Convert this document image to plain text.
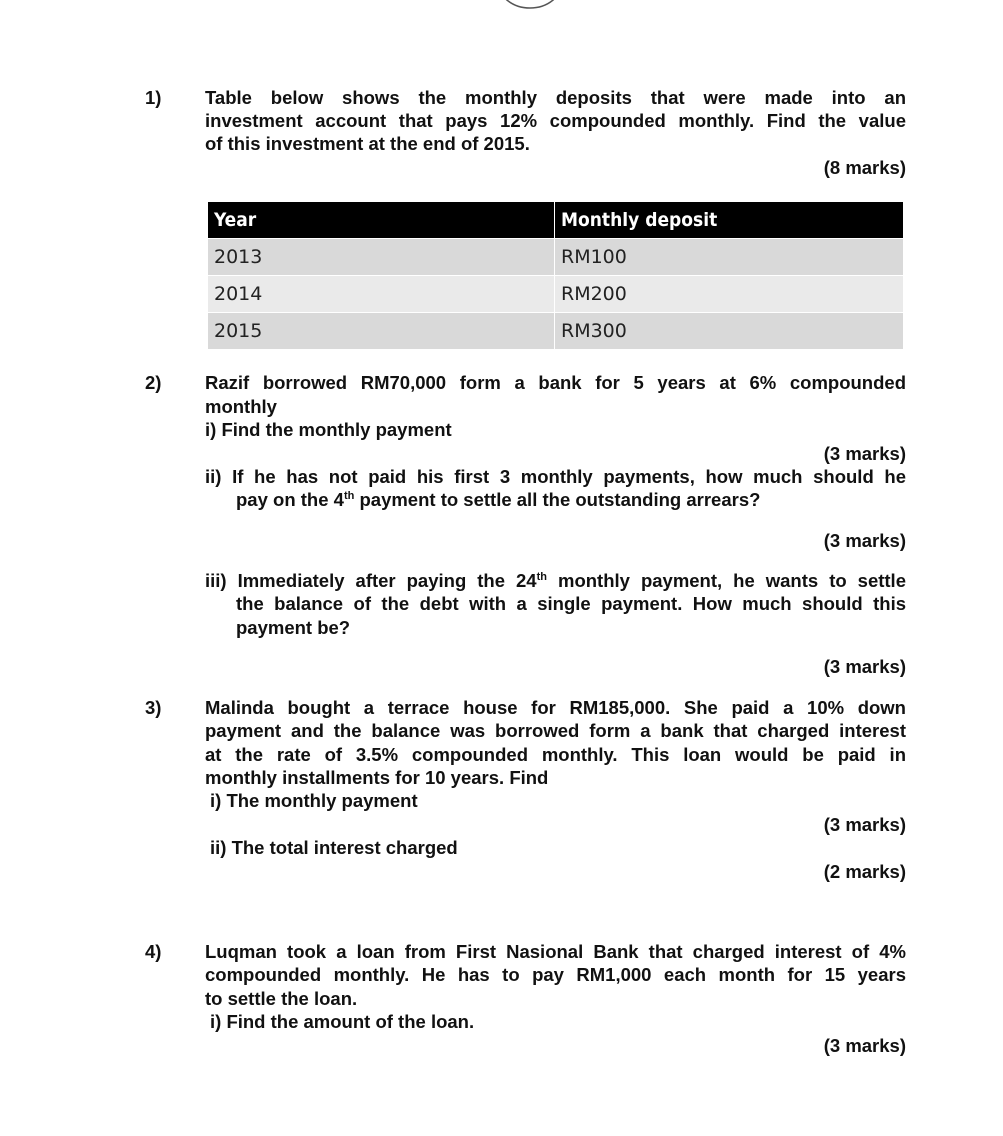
1) Table below shows the monthly deposits that were made into an
investment account that pays 12% compounded monthly. Find the value
of this investment at the end of 2015.
(8 marks)
Year	Monthly deposit
2013	RM100
2014	RM200
2015	RM300
2) Razif borrowed RM70,000 form a bank for 5 years at 6% compounded
monthly
i) Find the monthly payment
(3 marks)
ii) If he has not paid his first 3 monthly payments, how much should he
pay on the 4th payment to settle all the outstanding arrears?
(3 marks)
iii) Immediately after paying the 24th monthly payment, he wants to settle
the balance of the debt with a single payment. How much should this
payment be?
(3 marks)
3) Malinda bought a terrace house for RM185,000. She paid a 10% down
payment and the balance was borrowed form a bank that charged interest
at the rate of 3.5% compounded monthly. This loan would be paid in
monthly installments for 10 years. Find
i) The monthly payment
(3 marks)
ii) The total interest charged
(2 marks)
4) Luqman took a loan from First Nasional Bank that charged interest of 4%
compounded monthly. He has to pay RM1,000 each month for 15 years
to settle the loan.
i) Find the amount of the loan.
(3 marks)
